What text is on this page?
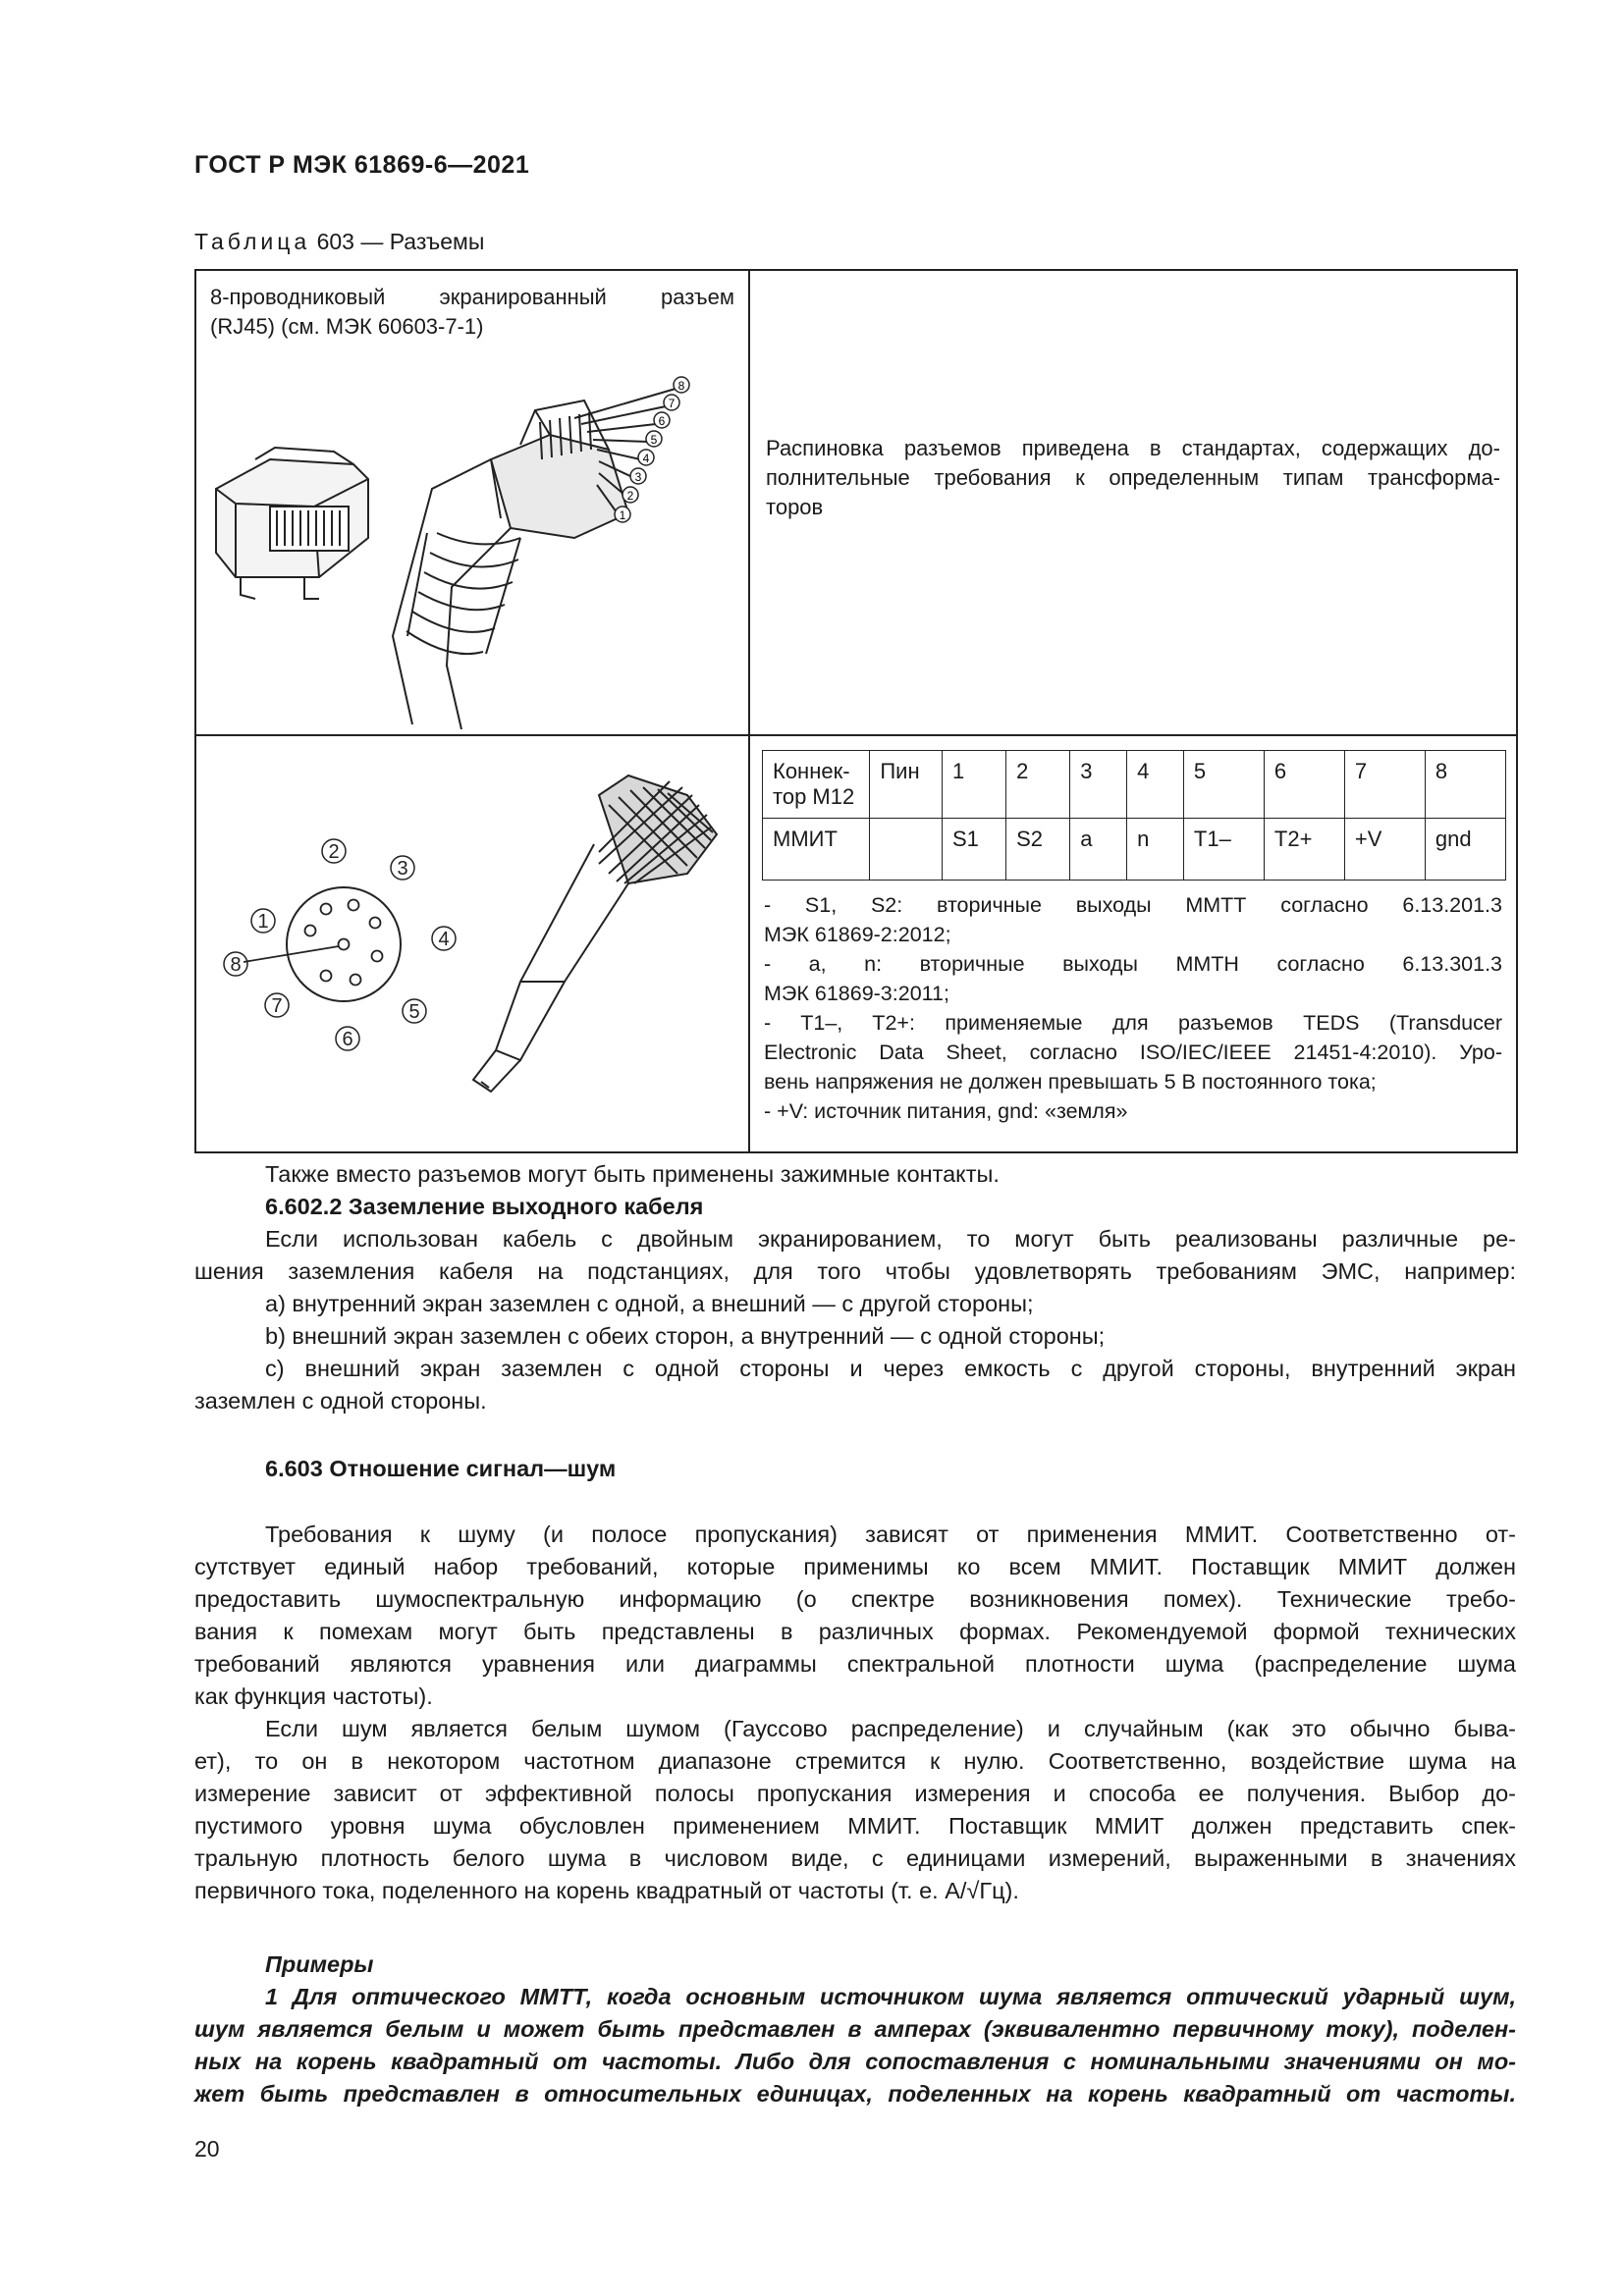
ГОСТ Р МЭК 61869-6—2021
Таблица 603 — Разъемы
8-проводниковый экранированный разъем
(RJ45) (см. МЭК 60603-7-1)
8
7
6
5
4
3
2
1

Распиновка разъемов приведена в стандартах, содержащих до-
полнительные требования к определенным типам трансформа-
торов

1
2
3
4
5
6
7
8

Коннек-тор M12	Пин	1	2	3	4	5	6	7	8
ММИТ		S1	S2	a	n	T1–	T2+	+V	gnd

- S1, S2: вторичные выходы ММТТ согласно 6.13.201.3

МЭК 61869-2:2012;

- a, n: вторичные выходы ММТН согласно 6.13.301.3

МЭК 61869-3:2011;

- T1–, T2+: применяемые для разъемов TEDS (Transducer

Electronic Data Sheet, согласно ISO/IEC/IEEE 21451-4:2010). Уро-

вень напряжения не должен превышать 5 В постоянного тока;

- +V: источник питания, gnd: «земля»

Также вместо разъемов могут быть применены зажимные контакты.

6.602.2 Заземление выходного кабеля

Если использован кабель с двойным экранированием, то могут быть реализованы различные ре-

шения заземления кабеля на подстанциях, для того чтобы удовлетворять требованиям ЭМС, например:

a) внутренний экран заземлен с одной, а внешний — с другой стороны;

b) внешний экран заземлен с обеих сторон, а внутренний — с одной стороны;

c) внешний экран заземлен с одной стороны и через емкость с другой стороны, внутренний экран

заземлен с одной стороны.

6.603 Отношение сигнал—шум

Требования к шуму (и полосе пропускания) зависят от применения ММИТ. Соответственно от-

сутствует единый набор требований, которые применимы ко всем ММИТ. Поставщик ММИТ должен

предоставить шумоспектральную информацию (о спектре возникновения помех). Технические требо-

вания к помехам могут быть представлены в различных формах. Рекомендуемой формой технических

требований являются уравнения или диаграммы спектральной плотности шума (распределение шума

как функция частоты).

Если шум является белым шумом (Гауссово распределение) и случайным (как это обычно быва-

ет), то он в некотором частотном диапазоне стремится к нулю. Соответственно, воздействие шума на

измерение зависит от эффективной полосы пропускания измерения и способа ее получения. Выбор до-

пустимого уровня шума обусловлен применением ММИТ. Поставщик ММИТ должен представить спек-

тральную плотность белого шума в числовом виде, с единицами измерений, выраженными в значениях

первичного тока, поделенного на корень квадратный от частоты (т. е. А/√Гц).

Примеры

1 Для оптического ММТТ, когда основным источником шума является оптический ударный шум,

шум является белым и может быть представлен в амперах (эквивалентно первичному току), поделен-

ных на корень квадратный от частоты. Либо для сопоставления с номинальными значениями он мо-

жет быть представлен в относительных единицах, поделенных на корень квадратный от частоты.

20
